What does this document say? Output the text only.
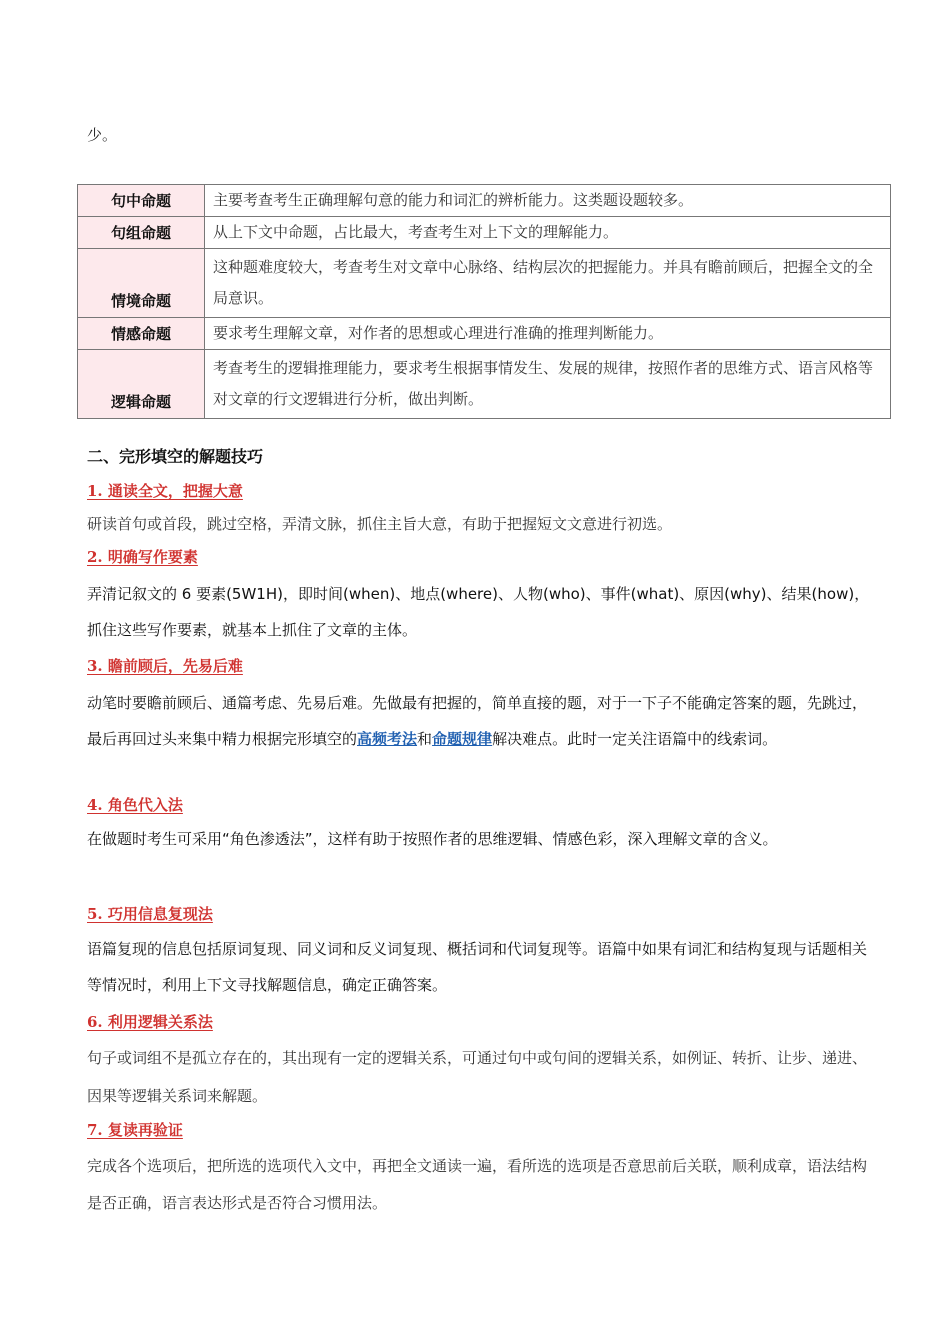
少。
句中命题	主要考查考生正确理解句意的能力和词汇的辨析能力。这类题设题较多。
句组命题	从上下文中命题，占比最大，考查考生对上下文的理解能力。
情境命题	这种题难度较大，考查考生对文章中心脉络、结构层次的把握能力。并具有瞻前顾后，把握全文的全局意识。
情感命题	要求考生理解文章，对作者的思想或心理进行准确的推理判断能力。
逻辑命题	考查考生的逻辑推理能力，要求考生根据事情发生、发展的规律，按照作者的思维方式、语言风格等对文章的行文逻辑进行分析，做出判断。
二、完形填空的解题技巧
1. 通读全文，把握大意
研读首句或首段，跳过空格，弄清文脉，抓住主旨大意，有助于把握短文文意进行初选。
2. 明确写作要素
弄清记叙文的 6 要素(5W1H)，即时间(when)、地点(where)、人物(who)、事件(what)、原因(why)、结果(how)，抓住这些写作要素，就基本上抓住了文章的主体。
3. 瞻前顾后，先易后难
动笔时要瞻前顾后、通篇考虑、先易后难。先做最有把握的，简单直接的题，对于一下子不能确定答案的题，先跳过，最后再回过头来集中精力根据完形填空的高频考法和命题规律解决难点。此时一定关注语篇中的线索词。
4. 角色代入法
在做题时考生可采用“角色渗透法”，这样有助于按照作者的思维逻辑、情感色彩，深入理解文章的含义。
5. 巧用信息复现法
语篇复现的信息包括原词复现、同义词和反义词复现、概括词和代词复现等。语篇中如果有词汇和结构复现与话题相关等情况时，利用上下文寻找解题信息，确定正确答案。
6. 利用逻辑关系法
句子或词组不是孤立存在的，其出现有一定的逻辑关系，可通过句中或句间的逻辑关系，如例证、转折、让步、递进、因果等逻辑关系词来解题。
7. 复读再验证
完成各个选项后，把所选的选项代入文中，再把全文通读一遍，看所选的选项是否意思前后关联，顺利成章，语法结构是否正确，语言表达形式是否符合习惯用法。
